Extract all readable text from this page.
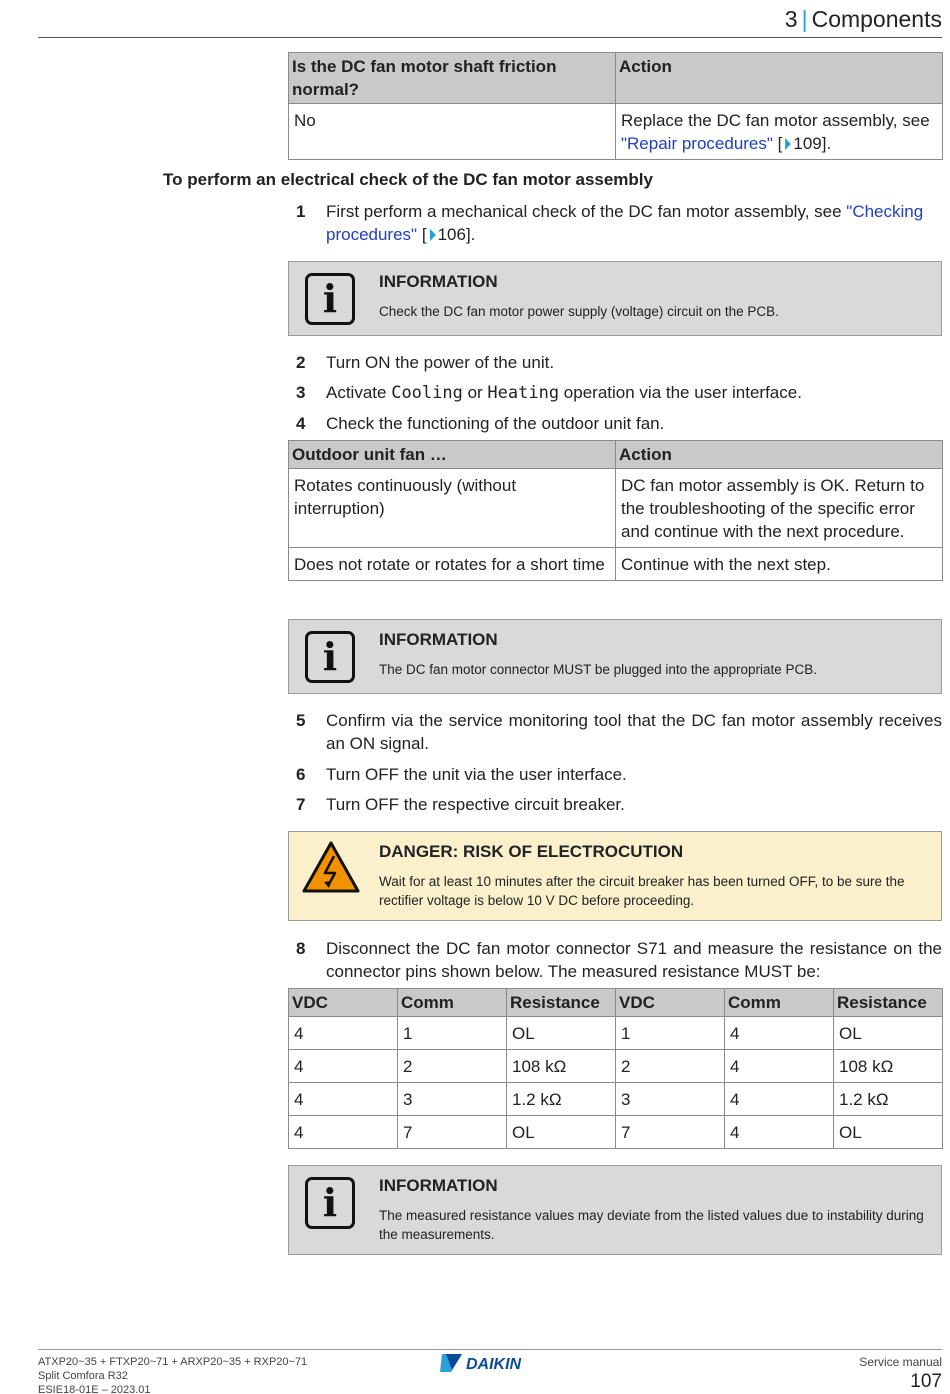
3 | Components
Is the DC fan motor shaft friction normal?	Action
No	Replace the DC fan motor assembly, see "Repair procedures" [ 109].
To perform an electrical check of the DC fan motor assembly
1 First perform a mechanical check of the DC fan motor assembly, see "Checking procedures" [ 106].
i	INFORMATION
Check the DC fan motor power supply (voltage) circuit on the PCB.
2 Turn ON the power of the unit.
3 Activate Cooling or Heating operation via the user interface.
4 Check the functioning of the outdoor unit fan.
Outdoor unit fan …	Action
Rotates continuously (without interruption)	DC fan motor assembly is OK. Return to the troubleshooting of the specific error and continue with the next procedure.
Does not rotate or rotates for a short time	Continue with the next step.
i	INFORMATION
The DC fan motor connector MUST be plugged into the appropriate PCB.
5 Confirm via the service monitoring tool that the DC fan motor assembly receives an ON signal.
6 Turn OFF the unit via the user interface.
7 Turn OFF the respective circuit breaker.
DANGER: RISK OF ELECTROCUTION
Wait for at least 10 minutes after the circuit breaker has been turned OFF, to be sure the rectifier voltage is below 10 V DC before proceeding.
8 Disconnect the DC fan motor connector S71 and measure the resistance on the connector pins shown below. The measured resistance MUST be:
VDC	Comm	Resistance	VDC	Comm	Resistance
4	1	OL	1	4	OL
4	2	108 kΩ	2	4	108 kΩ
4	3	1.2 kΩ	3	4	1.2 kΩ
4	7	OL	7	4	OL
i	INFORMATION
The measured resistance values may deviate from the listed values due to instability during the measurements.
ATXP20~35 + FTXP20~71 + ARXP20~35 + RXP20~71
Split Comfora R32
ESIE18-01E – 2023.01
DAIKIN	Service manual
107
